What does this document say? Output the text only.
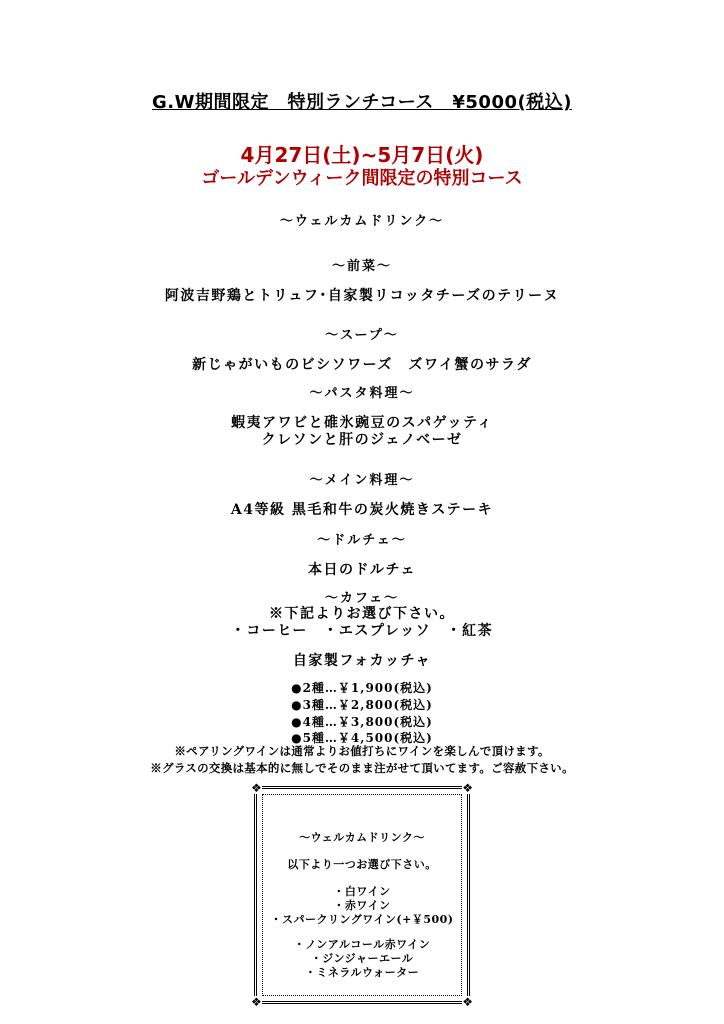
G.W期間限定　特別ランチコース　¥5000(税込)
4月27日(土)~5月7日(火)
ゴールデンウィーク間限定の特別コース
～ウェルカムドリンク～
～前菜～
阿波吉野鶏とトリュフ･自家製リコッタチーズのテリーヌ
～スープ～
新じゃがいものビシソワーズ　ズワイ蟹のサラダ
～パスタ料理～
蝦夷アワビと碓氷豌豆のスパゲッティ
クレソンと肝のジェノベーゼ
～メイン料理～
A4等級 黒毛和牛の炭火焼きステーキ
～ドルチェ～
本日のドルチェ
～カフェ～
※下記よりお選び下さい。
・コーヒー　・エスプレッソ　・紅茶
自家製フォカッチャ
●2種…￥1,900(税込)
●3種…￥2,800(税込)
●4種…￥3,800(税込)
●5種…￥4,500(税込)
※ペアリングワインは通常よりお値打ちにワインを楽しんで頂けます。
※グラスの交換は基本的に無しでそのまま注がせて頂いてます。ご容赦下さい。
❖	❖
❖	❖
～ウェルカムドリンク～
以下より一つお選び下さい。
・白ワイン
・赤ワイン
・スパークリングワイン(+￥500)
・ノンアルコール赤ワイン
・ジンジャーエール
・ミネラルウォーター
